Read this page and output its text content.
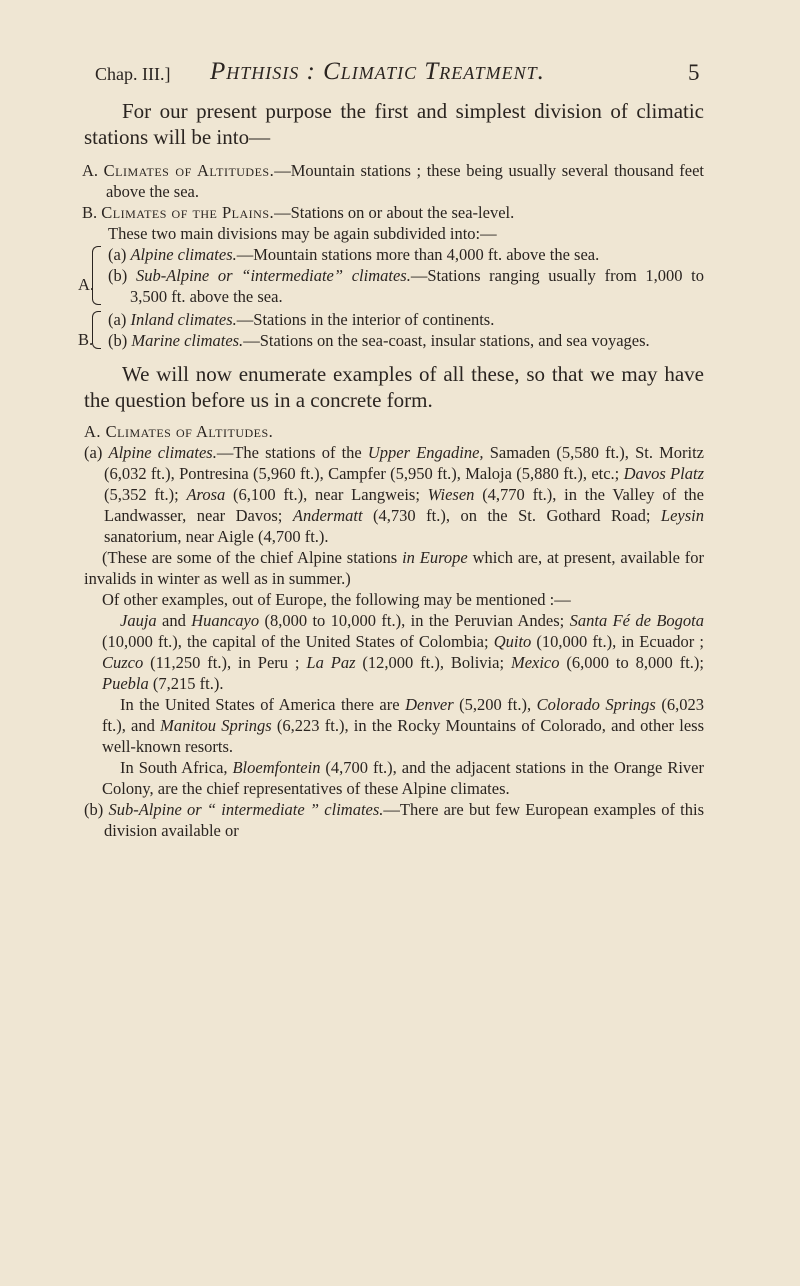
Chap. III.] Phthisis : Climatic Treatment.	5

For our present purpose the first and simplest division of climatic stations will be into—

A. Climates of Altitudes.—Mountain stations ; these being usually several thousand feet above the sea.

B. Climates of the Plains.—Stations on or about the sea-level.

These two main divisions may be again subdivided into:—

A.

(a) Alpine climates.—Mountain stations more than 4,000 ft. above the sea.

(b) Sub-Alpine or “intermediate” climates.—Stations ranging usually from 1,000 to 3,500 ft. above the sea.

B.

(a) Inland climates.—Stations in the interior of continents.

(b) Marine climates.—Stations on the sea-coast, insular stations, and sea voyages.

We will now enumerate examples of all these, so that we may have the question before us in a concrete form.

A. Climates of Altitudes.

(a) Alpine climates.—The stations of the Upper Engadine, Samaden (5,580 ft.), St. Moritz (6,032 ft.), Pontresina (5,960 ft.), Campfer (5,950 ft.), Maloja (5,880 ft.), etc.; Davos Platz (5,352 ft.); Arosa (6,100 ft.), near Langweis; Wiesen (4,770 ft.), in the Valley of the Landwasser, near Davos; Andermatt (4,730 ft.), on the St. Gothard Road; Leysin sanatorium, near Aigle (4,700 ft.).

(These are some of the chief Alpine stations in Europe which are, at present, available for invalids in winter as well as in summer.)

Of other examples, out of Europe, the following may be mentioned :—

Jauja and Huancayo (8,000 to 10,000 ft.), in the Peruvian Andes; Santa Fé de Bogota (10,000 ft.), the capital of the United States of Colombia; Quito (10,000 ft.), in Ecuador ; Cuzco (11,250 ft.), in Peru ; La Paz (12,000 ft.), Bolivia; Mexico (6,000 to 8,000 ft.); Puebla (7,215 ft.).

In the United States of America there are Denver (5,200 ft.), Colorado Springs (6,023 ft.), and Manitou Springs (6,223 ft.), in the Rocky Mountains of Colorado, and other less well-known resorts.

In South Africa, Bloemfontein (4,700 ft.), and the adjacent stations in the Orange River Colony, are the chief representatives of these Alpine climates.

(b) Sub-Alpine or “ intermediate ” climates.—There are but few European examples of this division available or
